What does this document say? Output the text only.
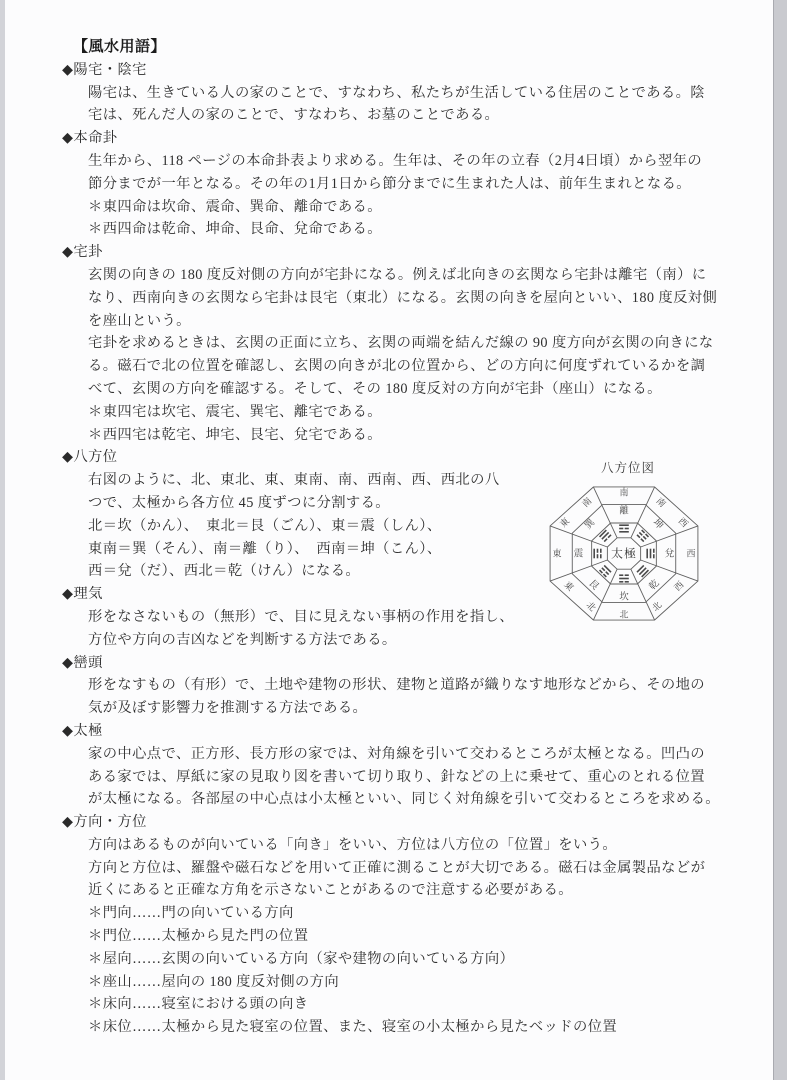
【風水用語】
◆陽宅・陰宅
陽宅は、生きている人の家のことで、すなわち、私たちが生活している住居のことである。陰
宅は、死んだ人の家のことで、すなわち、お墓のことである。
◆本命卦
生年から、118 ページの本命卦表より求める。生年は、その年の立春（2月4日頃）から翌年の
節分までが一年となる。その年の1月1日から節分までに生まれた人は、前年生まれとなる。
＊東四命は坎命、震命、巽命、離命である。
＊西四命は乾命、坤命、艮命、兌命である。
◆宅卦
玄関の向きの 180 度反対側の方向が宅卦になる。例えば北向きの玄関なら宅卦は離宅（南）に
なり、西南向きの玄関なら宅卦は艮宅（東北）になる。玄関の向きを屋向といい、180 度反対側
を座山という。
宅卦を求めるときは、玄関の正面に立ち、玄関の両端を結んだ線の 90 度方向が玄関の向きにな
る。磁石で北の位置を確認し、玄関の向きが北の位置から、どの方向に何度ずれているかを調
べて、玄関の方向を確認する。そして、その 180 度反対の方向が宅卦（座山）になる。
＊東四宅は坎宅、震宅、巽宅、離宅である。
＊西四宅は乾宅、坤宅、艮宅、兌宅である。
◆八方位
右図のように、北、東北、東、東南、南、西南、西、西北の八
つで、太極から各方位 45 度ずつに分割する。
北＝坎（かん）、　東北＝艮（ごん）、東＝震（しん）、
東南＝巽（そん）、南＝離（り）、　西南＝坤（こん）、
西＝兌（だ）、西北＝乾（けん）になる。
◆理気
形をなさないもの（無形）で、目に見えない事柄の作用を指し、
方位や方向の吉凶などを判断する方法である。
◆巒頭
形をなすもの（有形）で、土地や建物の形状、建物と道路が織りなす地形などから、その地の
気が及ぼす影響力を推測する方法である。
◆太極
家の中心点で、正方形、長方形の家では、対角線を引いて交わるところが太極となる。凹凸の
ある家では、厚紙に家の見取り図を書いて切り取り、針などの上に乗せて、重心のとれる位置
が太極になる。各部屋の中心点は小太極といい、同じく対角線を引いて交わるところを求める。
◆方向・方位
方向はあるものが向いている「向き」をいい、方位は八方位の「位置」をいう。
方向と方位は、羅盤や磁石などを用いて正確に測ることが大切である。磁石は金属製品などが
近くにあると正確な方角を示さないことがあるので注意する必要がある。
＊門向……門の向いている方向
＊門位……太極から見た門の位置
＊屋向……玄関の向いている方向（家や建物の向いている方向）
＊座山……屋向の 180 度反対側の方向
＊床向……寝室における頭の向き
＊床位……太極から見た寝室の位置、また、寝室の小太極から見たベッドの位置
八方位図
太極
南
離
南
西
坤
西
兌
西
北
乾
北
坎
北
東 艮
東 震
東
南
巽
